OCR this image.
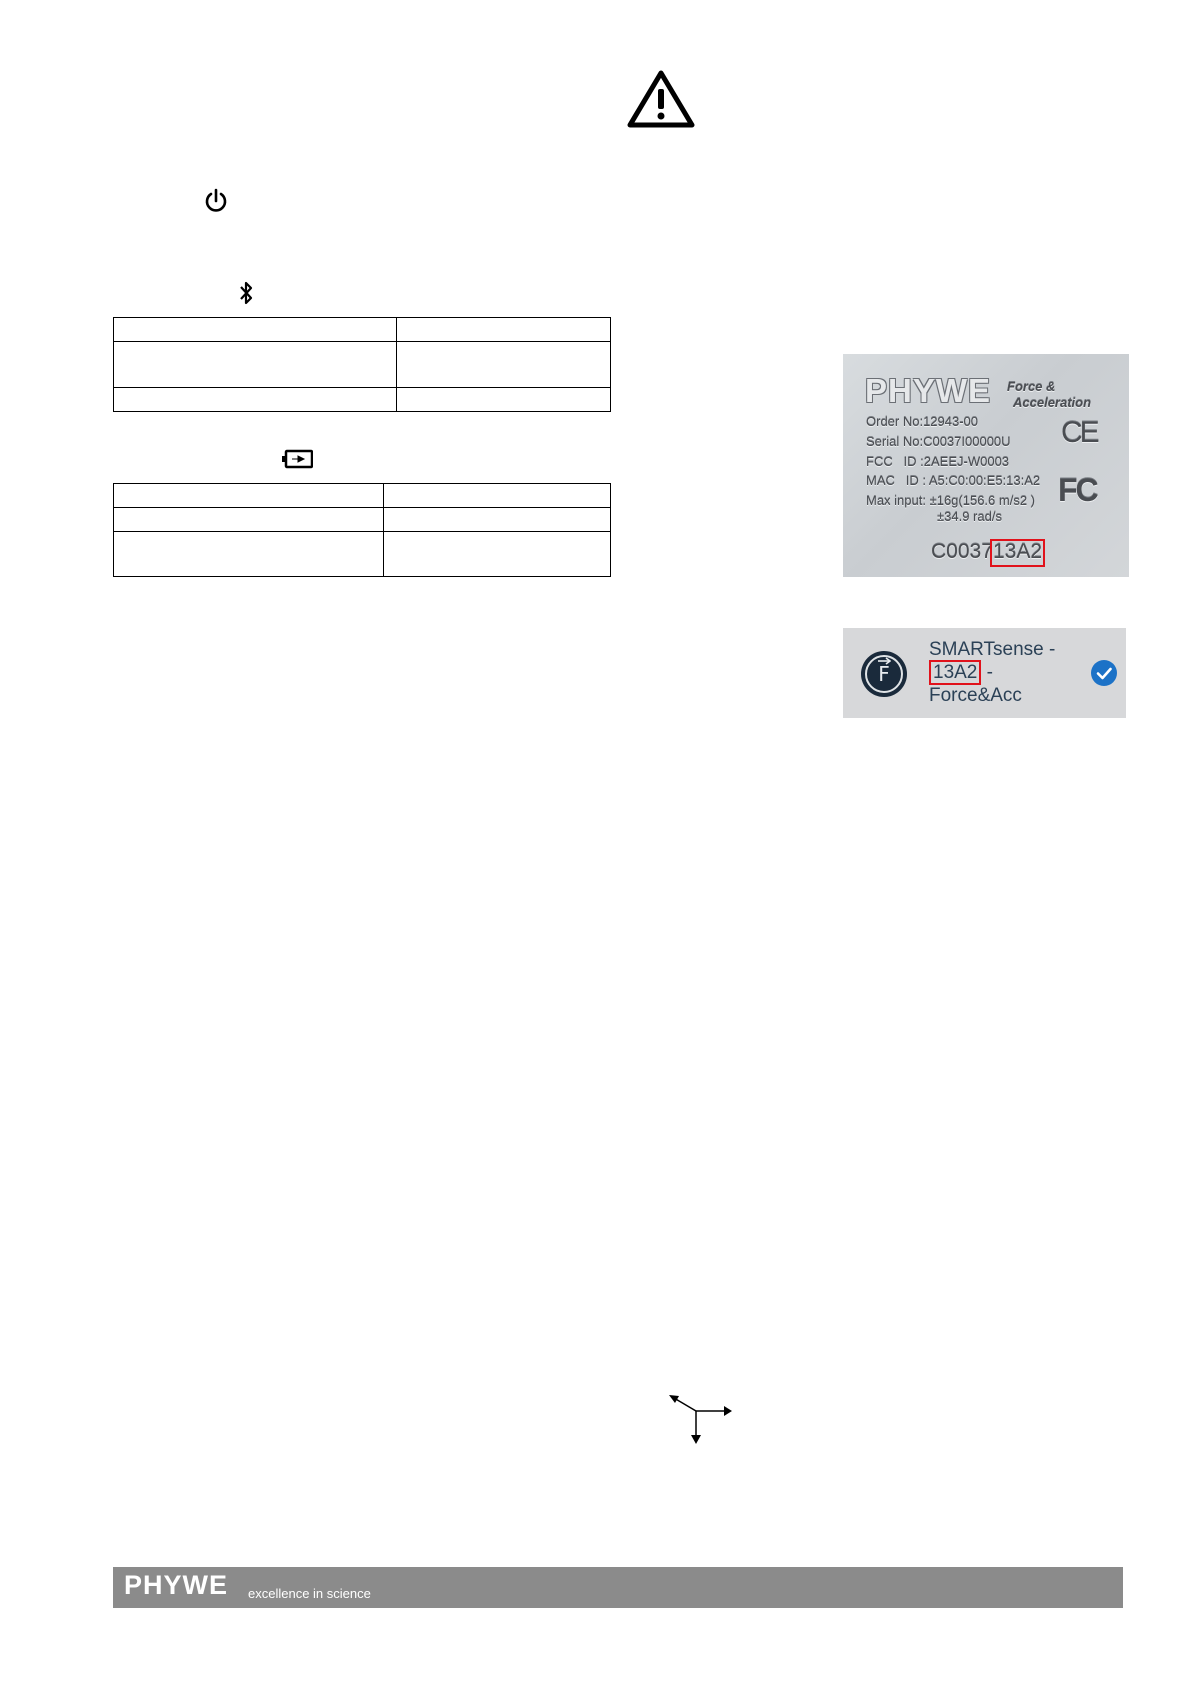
PHYWE Force &
Acceleration
Order No:12943-00
Serial No:C0037I00000U
FCC   ID :2AEEJ-W0003
MAC   ID : A5:C0:00:E5:13:A2
Max input: ±16g(156.6 m/s2 )
±34.9 rad/s
CE
FC
C0037 13A2
F
SMARTsense -
13A2 -
Force&Acc
PHYWE excellence in science
